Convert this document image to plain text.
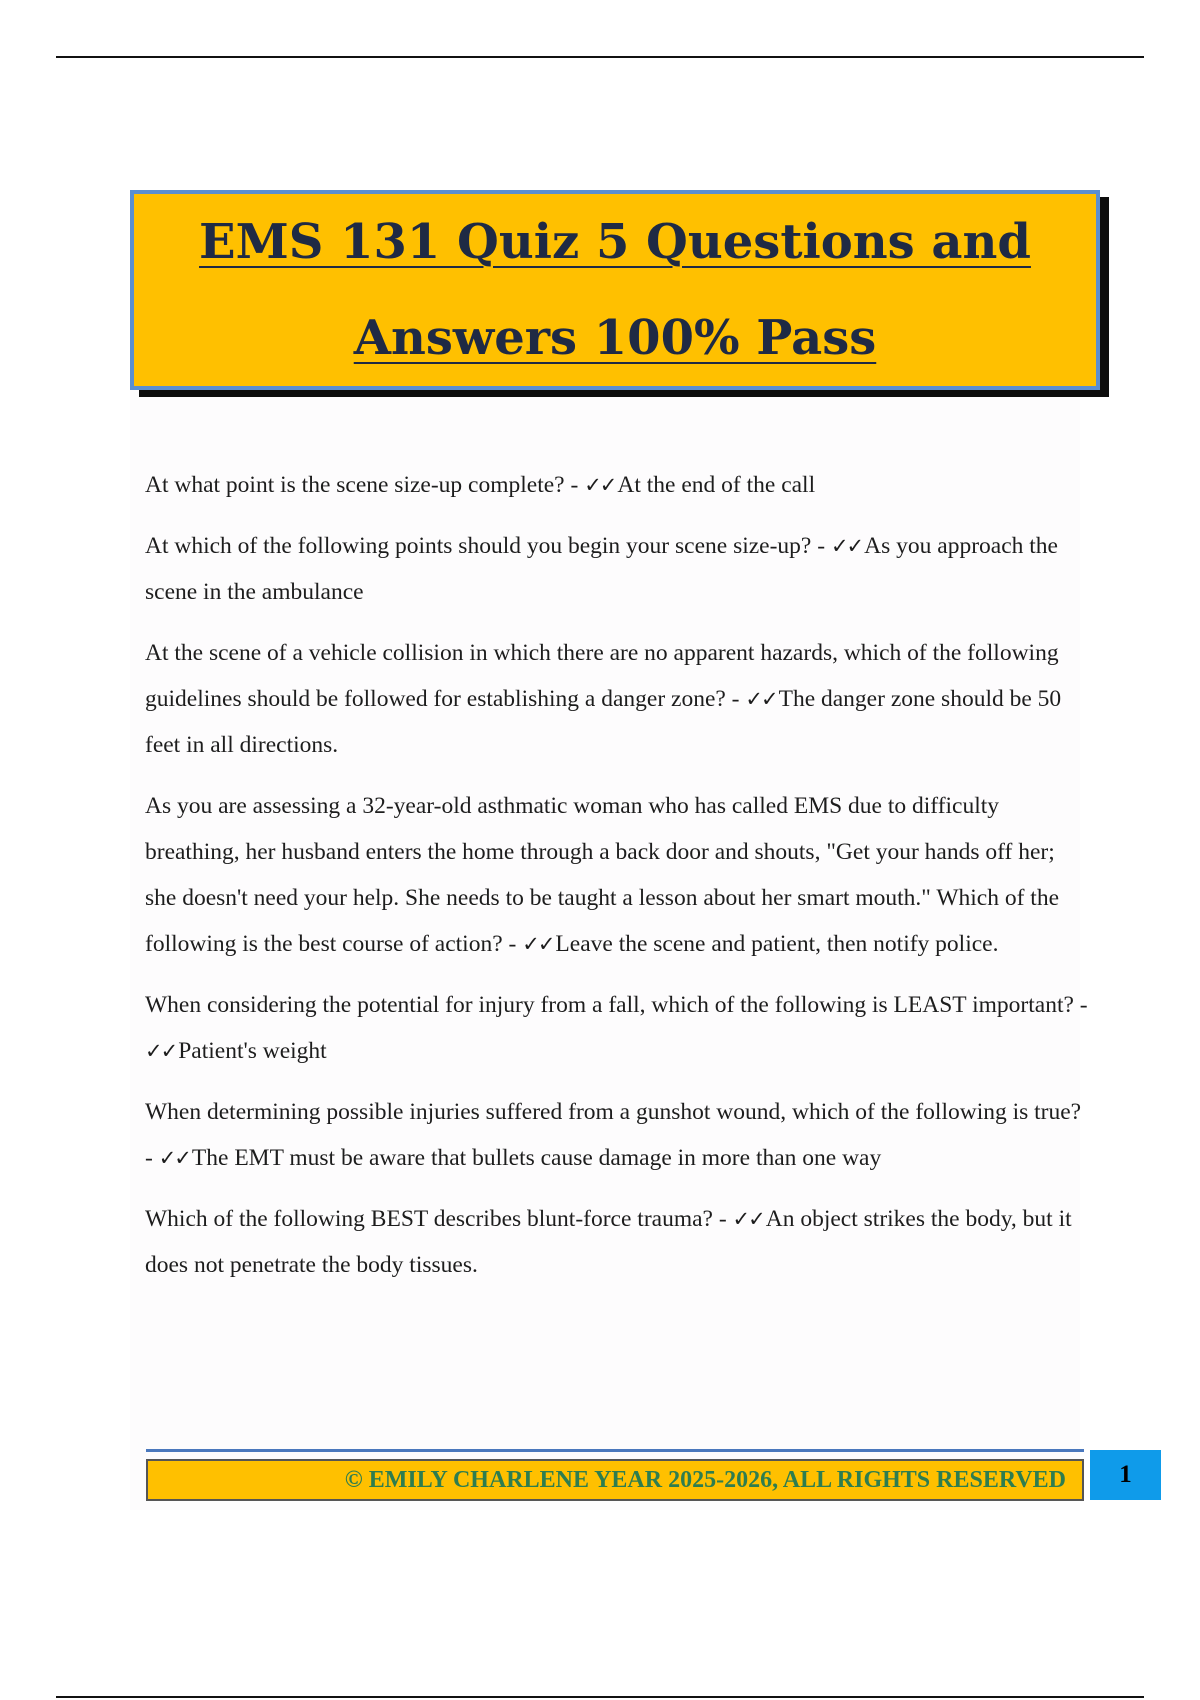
EMS 131 Quiz 5 Questions and
Answers 100% Pass

At what point is the scene size-up complete? - ✓✓At the end of the call

At which of the following points should you begin your scene size-up? - ✓✓As you approach the scene in the ambulance

At the scene of a vehicle collision in which there are no apparent hazards, which of the following guidelines should be followed for establishing a danger zone? - ✓✓The danger zone should be 50 feet in all directions.

As you are assessing a 32-year-old asthmatic woman who has called EMS due to difficulty breathing, her husband enters the home through a back door and shouts, "Get your hands off her; she doesn't need your help. She needs to be taught a lesson about her smart mouth." Which of the following is the best course of action? - ✓✓Leave the scene and patient, then notify police.

When considering the potential for injury from a fall, which of the following is LEAST important? - ✓✓Patient's weight

When determining possible injuries suffered from a gunshot wound, which of the following is true? - ✓✓The EMT must be aware that bullets cause damage in more than one way

Which of the following BEST describes blunt-force trauma? - ✓✓An object strikes the body, but it does not penetrate the body tissues.

© EMILY CHARLENE YEAR 2025-2026, ALL RIGHTS RESERVED	1
